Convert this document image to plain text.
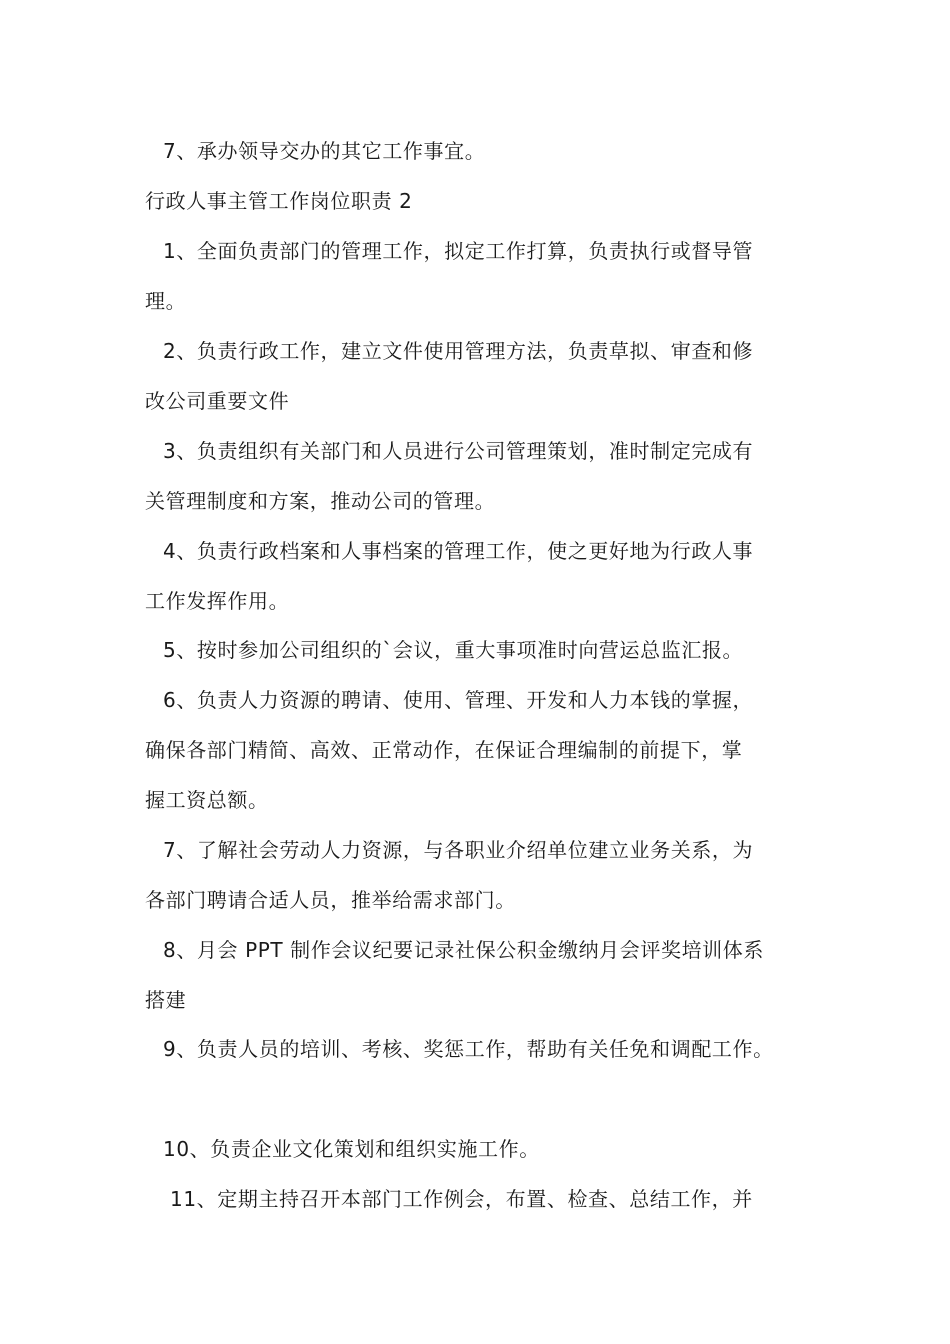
7、承办领导交办的其它工作事宜。
行政人事主管工作岗位职责 2
1、全面负责部门的管理工作，拟定工作打算，负责执行或督导管
理。
2、负责行政工作，建立文件使用管理方法，负责草拟、审查和修
改公司重要文件
3、负责组织有关部门和人员进行公司管理策划，准时制定完成有
关管理制度和方案，推动公司的管理。
4、负责行政档案和人事档案的管理工作，使之更好地为行政人事
工作发挥作用。
5、按时参加公司组织的`会议，重大事项准时向营运总监汇报。
6、负责人力资源的聘请、使用、管理、开发和人力本钱的掌握，
确保各部门精简、高效、正常动作，在保证合理编制的前提下，掌
握工资总额。
7、了解社会劳动人力资源，与各职业介绍单位建立业务关系，为
各部门聘请合适人员，推举给需求部门。
8、月会 PPT 制作会议纪要记录社保公积金缴纳月会评奖培训体系
搭建
9、负责人员的培训、考核、奖惩工作，帮助有关任免和调配工作。
10、负责企业文化策划和组织实施工作。
11、定期主持召开本部门工作例会，布置、检查、总结工作，并
